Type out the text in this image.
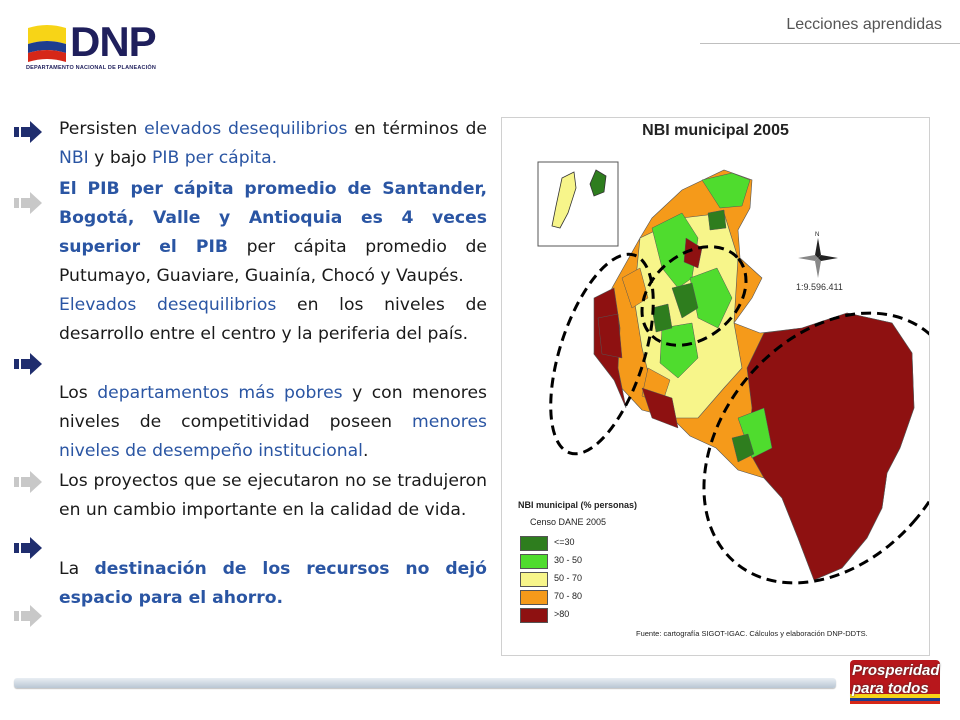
DNP
DEPARTAMENTO NACIONAL DE PLANEACIÓN
Lecciones aprendidas
Persisten elevados desequilibrios en términos de NBI y bajo PIB per cápita.
El PIB per cápita promedio de Santander, Bogotá, Valle y Antioquia es 4 veces superior el PIB per cápita promedio de Putumayo, Guaviare, Guainía, Chocó y Vaupés.
Elevados desequilibrios en los niveles de desarrollo entre el centro y la periferia del país.
Los departamentos más pobres y con menores niveles de competitividad poseen menores niveles de desempeño institucional.
Los proyectos que se ejecutaron no se tradujeron en un cambio importante en la calidad de vida.
La destinación de los recursos no dejó espacio para el ahorro.
NBI municipal 2005
N
1:9.596.411
NBI municipal (% personas)
Censo DANE 2005
<=30
30 - 50
50 - 70
70 - 80
>80
Fuente: cartografía SIGOT-IGAC. Cálculos y elaboración DNP-DDTS.
Prosperidad
para todos
